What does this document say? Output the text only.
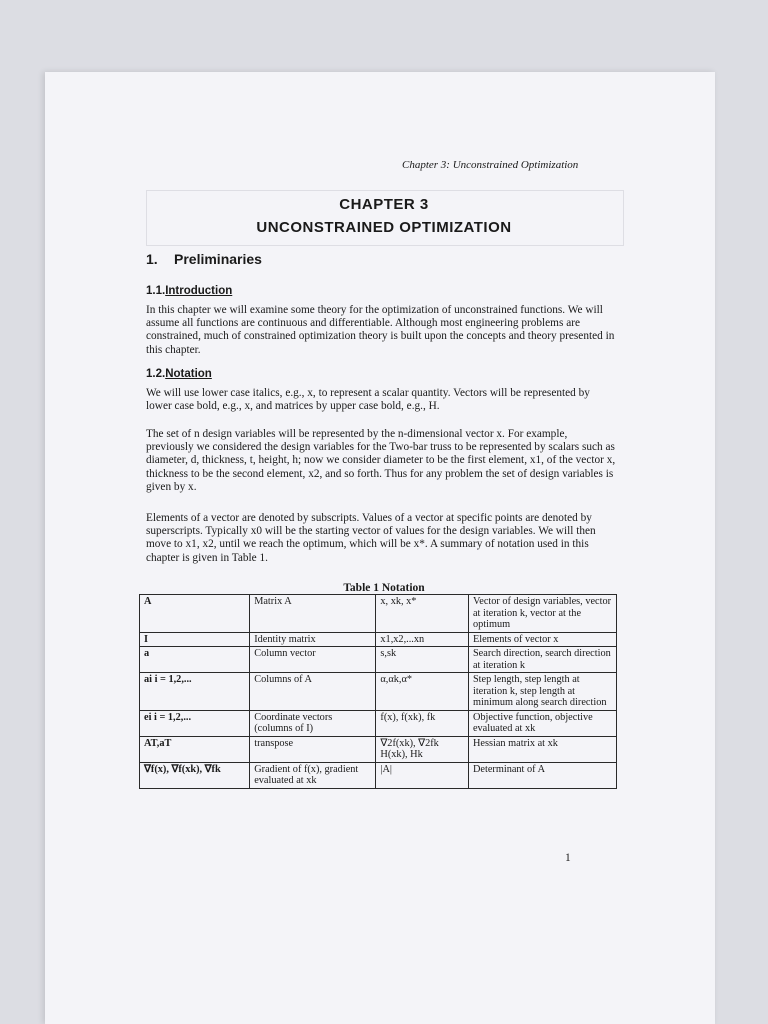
Chapter 3: Unconstrained Optimization
CHAPTER 3
UNCONSTRAINED OPTIMIZATION
1. Preliminaries
1.1.Introduction
In this chapter we will examine some theory for the optimization of unconstrained functions. We will assume all functions are continuous and differentiable. Although most engineering problems are constrained, much of constrained optimization theory is built upon the concepts and theory presented in this chapter.
1.2.Notation
We will use lower case italics, e.g., x, to represent a scalar quantity. Vectors will be represented by lower case bold, e.g., x, and matrices by upper case bold, e.g., H.
The set of n design variables will be represented by the n-dimensional vector x. For example, previously we considered the design variables for the Two-bar truss to be represented by scalars such as diameter, d, thickness, t, height, h; now we consider diameter to be the first element, x1, of the vector x, thickness to be the second element, x2, and so forth. Thus for any problem the set of design variables is given by x.
Elements of a vector are denoted by subscripts. Values of a vector at specific points are denoted by superscripts. Typically x0 will be the starting vector of values for the design variables. We will then move to x1, x2, until we reach the optimum, which will be x*. A summary of notation used in this chapter is given in Table 1.
Table 1 Notation
A	Matrix A	x, xk, x*	Vector of design variables, vector at iteration k, vector at the optimum
I	Identity matrix	x1,x2,...xn	Elements of vector x
a	Column vector	s,sk	Search direction, search direction at iteration k
ai i = 1,2,...	Columns of A	α,αk,α*	Step length, step length at iteration k, step length at minimum along search direction
ei i = 1,2,...	Coordinate vectors (columns of I)	f(x), f(xk), fk	Objective function, objective evaluated at xk
AT,aT	transpose	∇2f(xk), ∇2fk H(xk), Hk	Hessian matrix at xk
∇f(x), ∇f(xk), ∇fk	Gradient of f(x), gradient evaluated at xk	|A|	Determinant of A
1
